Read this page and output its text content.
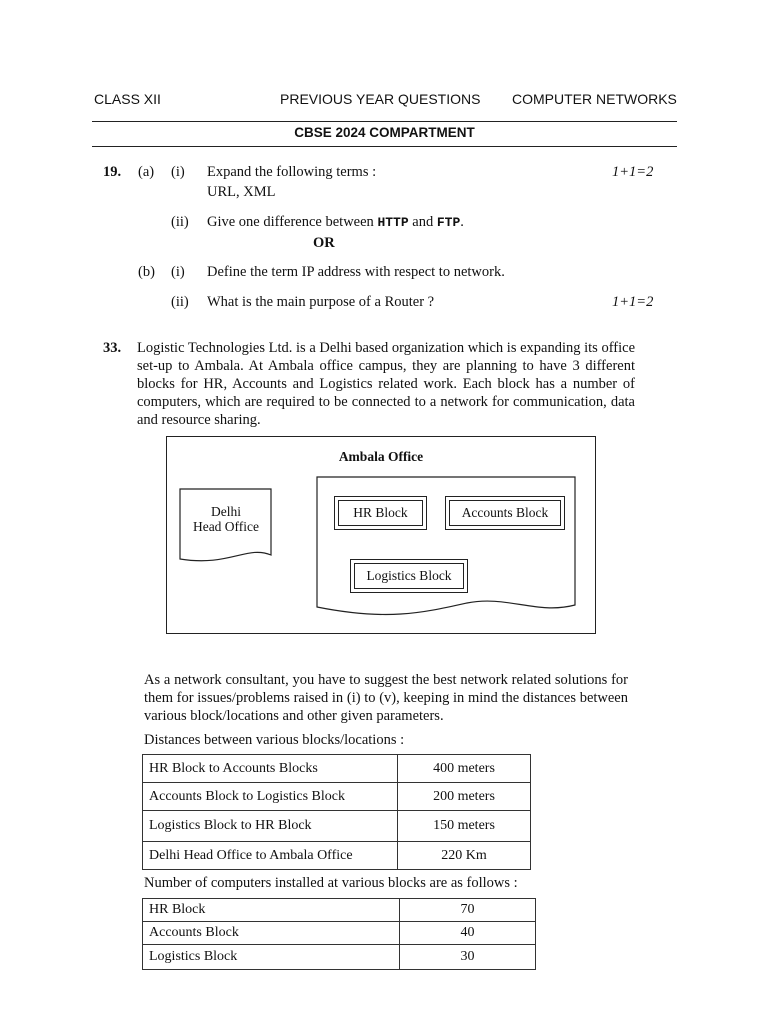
CLASS XII	PREVIOUS YEAR QUESTIONS COMPUTER NETWORKS
CBSE 2024 COMPARTMENT
19. (a) (i) Expand the following terms :	1+1=2
URL, XML
(ii) Give one difference between HTTP and FTP.
OR
(b) (i) Define the term IP address with respect to network.
(ii) What is the main purpose of a Router ?	1+1=2
33. Logistic Technologies Ltd. is a Delhi based organization which is expanding its office set-up to Ambala. At Ambala office campus, they are planning to have 3 different blocks for HR, Accounts and Logistics related work. Each block has a number of computers, which are required to be connected to a network for communication, data and resource sharing.
Ambala Office
Delhi
Head Office
HR Block	Accounts Block
Logistics Block
As a network consultant, you have to suggest the best network related solutions for them for issues/problems raised in (i) to (v), keeping in mind the distances between various block/locations and other given parameters.
Distances between various blocks/locations :
HR Block to Accounts Blocks	400 meters
Accounts Block to Logistics Block	200 meters
Logistics Block to HR Block	150 meters
Delhi Head Office to Ambala Office	220 Km
Number of computers installed at various blocks are as follows :
HR Block	70
Accounts Block	40
Logistics Block	30
